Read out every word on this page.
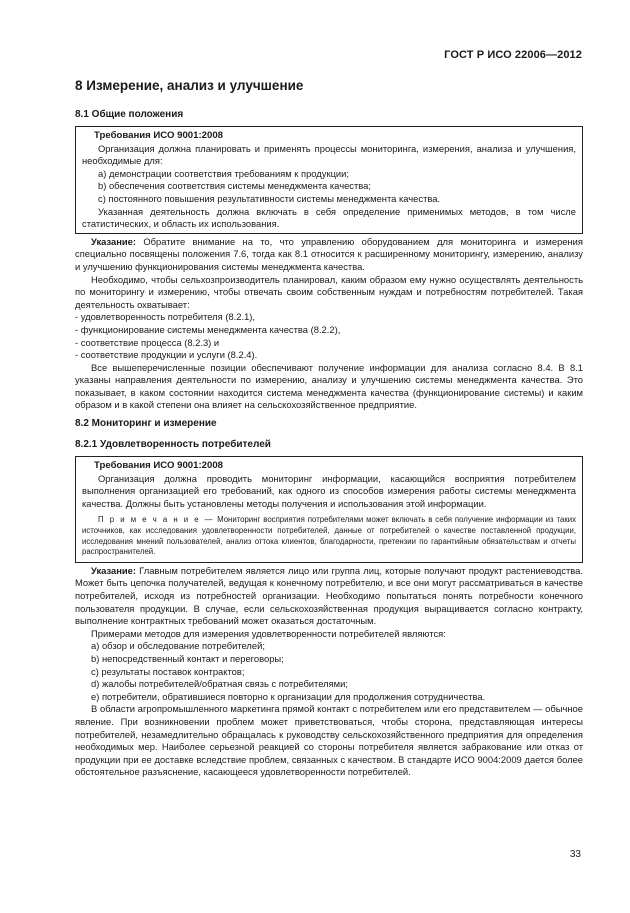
ГОСТ Р ИСО 22006—2012
8 Измерение, анализ и улучшение
8.1 Общие положения
Требования ИСО 9001:2008

Организация должна планировать и применять процессы мониторинга, измерения, анализа и улучшения, необходимые для:

a) демонстрации соответствия требованиям к продукции;
b) обеспечения соответствия системы менеджмента качества;
c) постоянного повышения результативности системы менеджмента качества.

Указанная деятельность должна включать в себя определение применимых методов, в том числе статистических, и область их использования.

Указание: Обратите внимание на то, что управлению оборудованием для мониторинга и измерения специально посвящены положения 7.6, тогда как 8.1 относится к расширенному мониторингу, измерению, анализу и улучшению функционирования системы менеджмента качества.

Необходимо, чтобы сельхозпроизводитель планировал, каким образом ему нужно осуществлять деятельность по мониторингу и измерению, чтобы отвечать своим собственным нуждам и потребностям потребителей. Такая деятельность охватывает:

- удовлетворенность потребителя (8.2.1),
- функционирование системы менеджмента качества (8.2.2),
- соответствие процесса (8.2.3) и
- соответствие продукции и услуги (8.2.4).

Все вышеперечисленные позиции обеспечивают получение информации для анализа согласно 8.4. В 8.1 указаны направления деятельности по измерению, анализу и улучшению системы менеджмента качества. Это показывает, в каком состоянии находится система менеджмента качества (функционирование системы) и каким образом и в какой степени она влияет на сельскохозяйственное предприятие.

8.2 Мониторинг и измерение
8.2.1 Удовлетворенность потребителей
Требования ИСО 9001:2008

Организация должна проводить мониторинг информации, касающийся восприятия потребителем выполнения организацией его требований, как одного из способов измерения работы системы менеджмента качества. Должны быть установлены методы получения и использования этой информации.

П р и м е ч а н и е — Мониторинг восприятия потребителями может включать в себя получение информации из таких источников, как исследования удовлетворенности потребителей, данные от потребителей о качестве поставленной продукции, исследования мнений пользователей, анализ оттока клиентов, благодарности, претензии по гарантийным обязательствам и отчеты распространителей.

Указание: Главным потребителем является лицо или группа лиц, которые получают продукт растениеводства. Может быть цепочка получателей, ведущая к конечному потребителю, и все они могут рассматриваться в качестве потребителей, исходя из потребностей организации. Необходимо попытаться понять потребности конечного пользователя продукции. В случае, если сельскохозяйственная продукция выращивается согласно контракту, выполнение контрактных требований может оказаться достаточным.

Примерами методов для измерения удовлетворенности потребителей являются:

а) обзор и обследование потребителей;
b) непосредственный контакт и переговоры;
c) результаты поставок контрактов;
d) жалобы потребителей/обратная связь с потребителями;
e) потребители, обратившиеся повторно к организации для продолжения сотрудничества.

В области агропромышленного маркетинга прямой контакт с потребителем или его представителем — обычное явление. При возникновении проблем может приветствоваться, чтобы сторона, представляющая интересы потребителей, незамедлительно обращалась к руководству сельскохозяйственного предприятия для определения необходимых мер. Наиболее серьезной реакцией со стороны потребителя является забракование или отказ от продукции при ее доставке вследствие проблем, связанных с качеством. В стандарте ИСО 9004:2009 дается более обстоятельное разъяснение, касающееся удовлетворенности потребителей.

33
